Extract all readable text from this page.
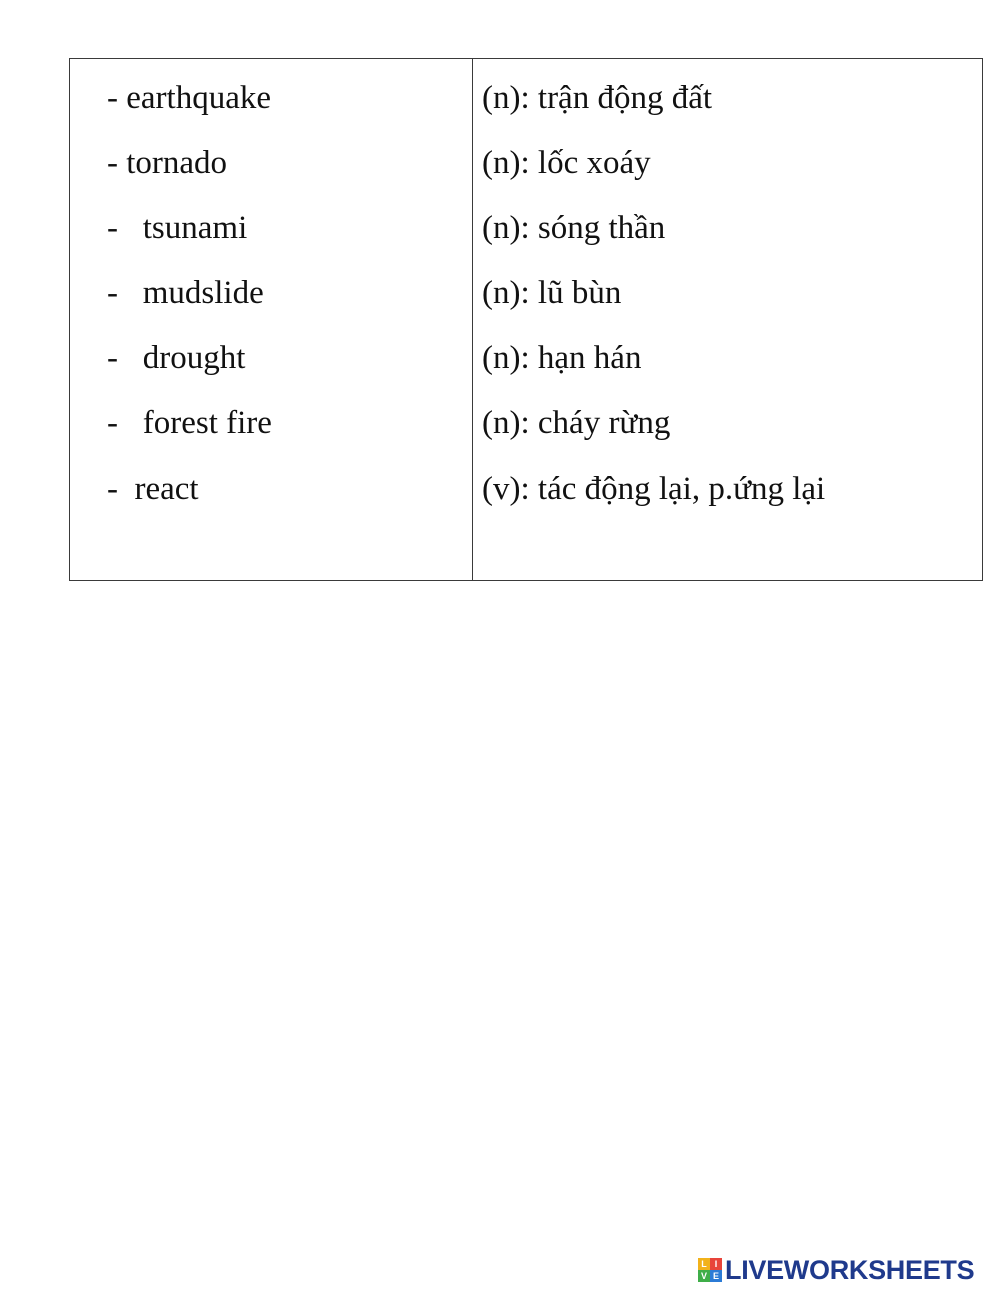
- earthquake
- tornado
-   tsunami
-   mudslide
-   drought
-   forest fire
-  react
(n): trận động đất
(n): lốc xoáy
(n): sóng thần
(n): lũ bùn
(n): hạn hán
(n): cháy rừng
(v): tác động lại, p.ứng lại
L I
V E LIVEWORKSHEETS
